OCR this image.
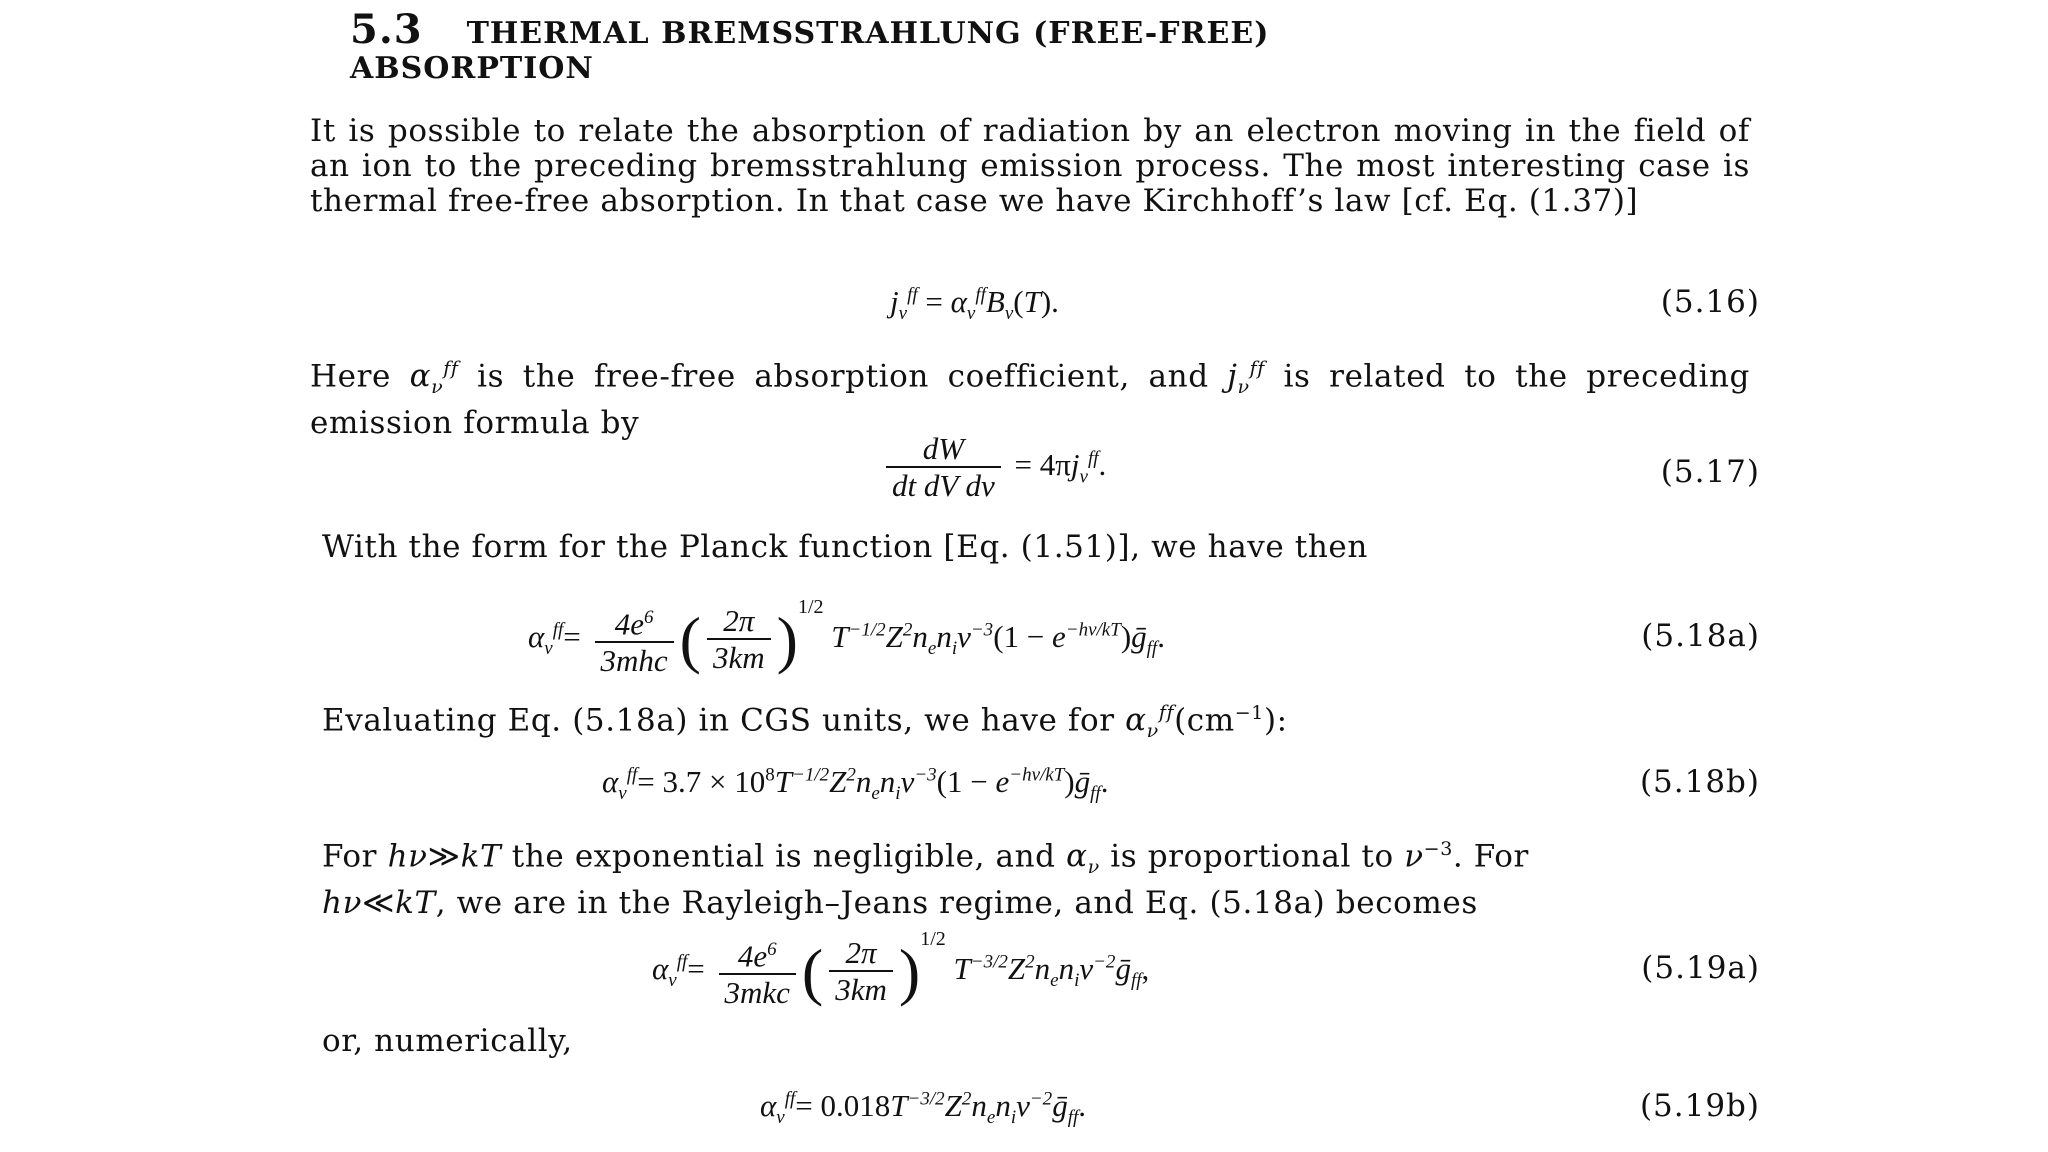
5.3 THERMAL BREMSSTRAHLUNG (FREE-FREE)
ABSORPTION
It is possible to relate the absorption of radiation by an electron moving in the field of an ion to the preceding bremsstrahlung emission process. The most interesting case is thermal free-free absorption. In that case we have Kirchhoff’s law [cf. Eq. (1.37)]
$j_\nu^{ff} = \alpha_\nu^{ff}B_\nu(T)$.	(5.16)
Here $\alpha_\nu^{ff}$ is the free-free absorption coefficient, and $j_\nu^{ff}$ is related to the preceding emission formula by
$\frac{dW}{\text{dt dV dν}} = 4\pi j_\nu^{ff}$.	(5.17)
With the form for the Planck function [Eq. (1.51)], we have then
$\alpha_\nu^{ff}= \frac{4e^6}{\text{3mhc}}$ ( $\frac{2\pi}{3km} )^{1/2}$ $T^{-1/2}Z^2n_en_i\nu^{-3}(1$ − $e^{-h\nu/kT})ḡ_{ff}$.	(5.18a)
Evaluating Eq. (5.18a) in CGS units, we have for $\alpha_\nu^{ff}(cm^{-1})$:
$\alpha_\nu^{ff}= 3.7 \times 10^8T^{-1/2}Z^2n_en_i\nu^{-3}(1$ − $e^{-h\nu/kT})ḡ_{ff}$.	(5.18b)
For hν≫kT the exponential is negligible, and $\alpha_\nu$ is proportional to $\nu^{-3}$. For
hν≪kT, we are in the Rayleigh–Jeans regime, and Eq. (5.18a) becomes
$\alpha_\nu^{ff}= \frac{4e^6}{\text{3mkc}}$ ( $\frac{2\pi}{3km} )^{1/2}$ $T^{-3/2}Z^2n_en_i\nu^{-2}ḡ_{ff}$,	(5.19a)
or, numerically,
$\alpha_\nu^{ff}=$ $0.018T^{-3/2}Z^2n_en_i\nu^{-2}ḡ_{ff}$.	(5.19b)
